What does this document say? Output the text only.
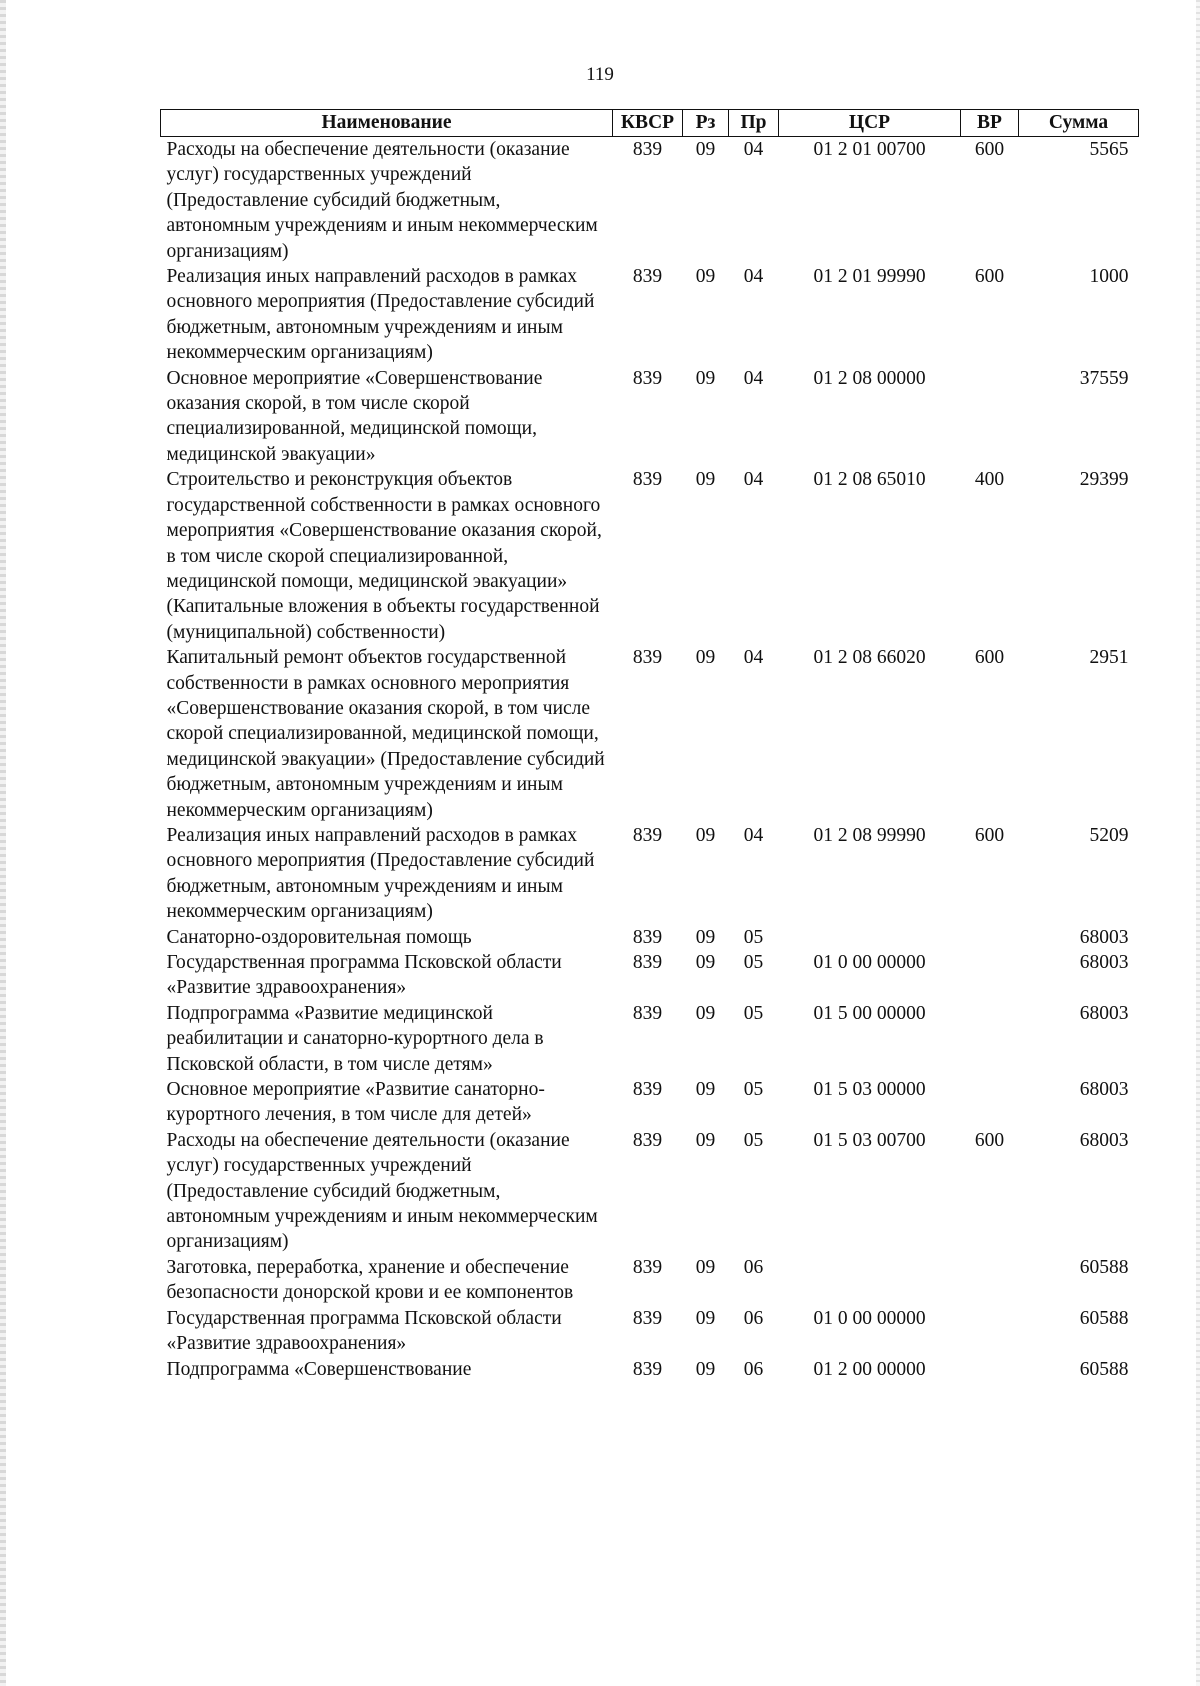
119
Наименование	КВСР	Рз	Пр	ЦСР	ВР	Сумма
Расходы на обеспечение деятельности (оказание услуг) государственных учреждений (Предоставление субсидий бюджетным, автономным учреждениям и иным некоммерческим организациям)	839	09	04	01 2 01 00700	600	5565
Реализация иных направлений расходов в рамках основного мероприятия (Предоставление субсидий бюджетным, автономным учреждениям и иным некоммерческим организациям)	839	09	04	01 2 01 99990	600	1000
Основное мероприятие «Совершенствование оказания скорой, в том числе скорой специализированной, медицинской помощи, медицинской эвакуации»	839	09	04	01 2 08 00000		37559
Строительство и реконструкция объектов государственной собственности в рамках основного мероприятия «Совершенствование оказания скорой, в том числе скорой специализированной, медицинской помощи, медицинской эвакуации» (Капитальные вложения в объекты государственной (муниципальной) собственности)	839	09	04	01 2 08 65010	400	29399
Капитальный ремонт объектов государственной собственности в рамках основного мероприятия «Совершенствование оказания скорой, в том числе скорой специализированной, медицинской помощи, медицинской эвакуации» (Предоставление субсидий бюджетным, автономным учреждениям и иным некоммерческим организациям)	839	09	04	01 2 08 66020	600	2951
Реализация иных направлений расходов в рамках основного мероприятия (Предоставление субсидий бюджетным, автономным учреждениям и иным некоммерческим организациям)	839	09	04	01 2 08 99990	600	5209
Санаторно-оздоровительная помощь	839	09	05			68003
Государственная программа Псковской области «Развитие здравоохранения»	839	09	05	01 0 00 00000		68003
Подпрограмма «Развитие медицинской реабилитации и санаторно-курортного дела в Псковской области, в том числе детям»	839	09	05	01 5 00 00000		68003
Основное мероприятие «Развитие санаторно-курортного лечения, в том числе для детей»	839	09	05	01 5 03 00000		68003
Расходы на обеспечение деятельности (оказание услуг) государственных учреждений (Предоставление субсидий бюджетным, автономным учреждениям и иным некоммерческим организациям)	839	09	05	01 5 03 00700	600	68003
Заготовка, переработка, хранение и обеспечение безопасности донорской крови и ее компонентов	839	09	06			60588
Государственная программа Псковской области «Развитие здравоохранения»	839	09	06	01 0 00 00000		60588
Подпрограмма «Совершенствование	839	09	06	01 2 00 00000		60588
